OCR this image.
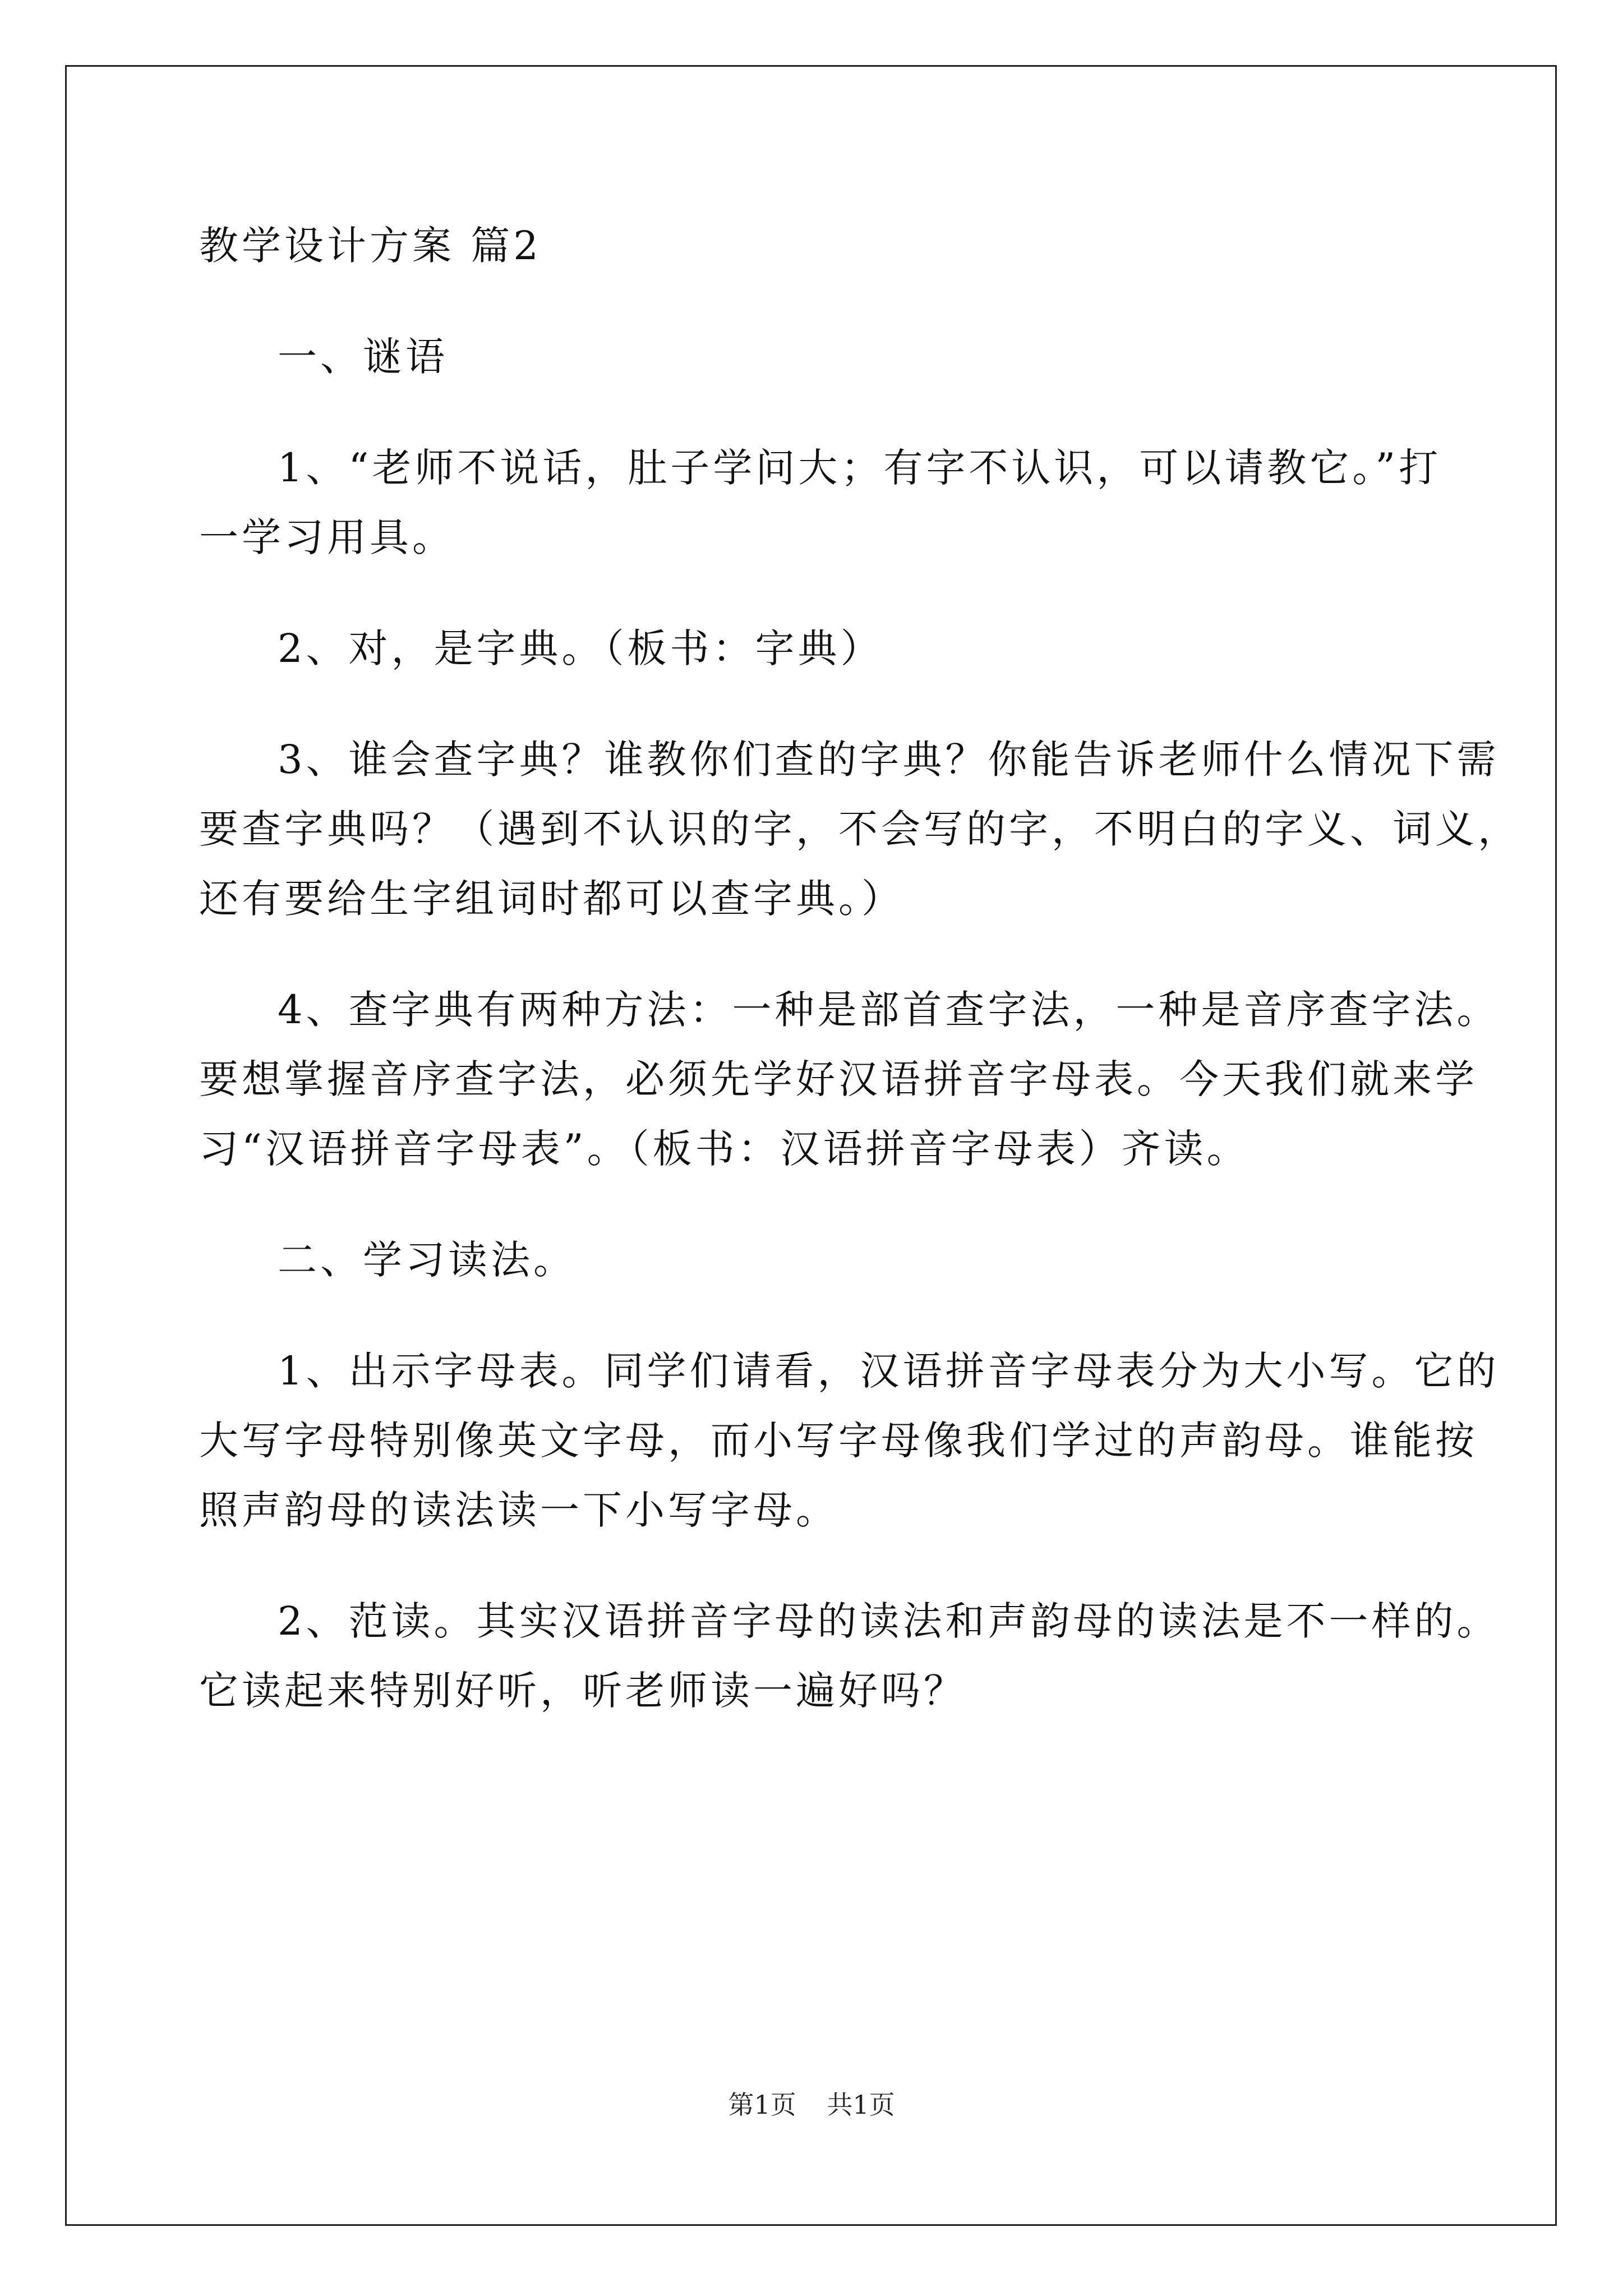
教学设计方案 篇2
一、谜语
1、“老师不说话，肚子学问大；有字不认识，可以请教它。”打
一学习用具。
2、对，是字典。（板书：字典）
3、谁会查字典？谁教你们查的字典？你能告诉老师什么情况下需
要查字典吗？（遇到不认识的字，不会写的字，不明白的字义、词义，
还有要给生字组词时都可以查字典。）
4、查字典有两种方法：一种是部首查字法，一种是音序查字法。
要想掌握音序查字法，必须先学好汉语拼音字母表。今天我们就来学
习“汉语拼音字母表”。（板书：汉语拼音字母表）齐读。
二、学习读法。
1、出示字母表。同学们请看，汉语拼音字母表分为大小写。它的
大写字母特别像英文字母，而小写字母像我们学过的声韵母。谁能按
照声韵母的读法读一下小写字母。
2、范读。其实汉语拼音字母的读法和声韵母的读法是不一样的。
它读起来特别好听，听老师读一遍好吗？
第1页 共1页
